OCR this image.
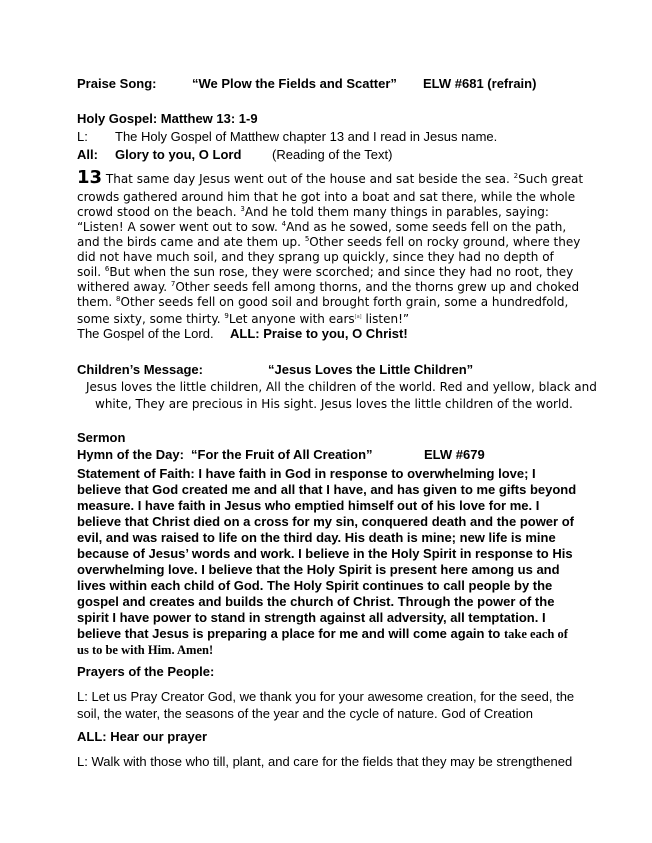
Praise Song:	“We Plow the Fields and Scatter” ELW #681 (refrain)
Holy Gospel: Matthew 13: 1-9
L: The Holy Gospel of Matthew chapter 13 and I read in Jesus name.
All: Glory to you, O Lord (Reading of the Text)
13 That same day Jesus went out of the house and sat beside the sea. $^2$Such great
crowds gathered around him that he got into a boat and sat there, while the whole
crowd stood on the beach. $^3$And he told them many things in parables, saying:
“Listen! A sower went out to sow. $^4$And as he sowed, some seeds fell on the path,
and the birds came and ate them up. $^5$Other seeds fell on rocky ground, where they
did not have much soil, and they sprang up quickly, since they had no depth of
soil. $^6$But when the sun rose, they were scorched; and since they had no root, they
withered away. $^7$Other seeds fell among thorns, and the thorns grew up and choked
them. $^8$Other seeds fell on good soil and brought forth grain, some a hundredfold,
some sixty, some thirty. $^9$Let anyone with ears[a] listen!”
The Gospel of the Lord. ALL: Praise to you, O Christ!
Children’s Message:	“Jesus Loves the Little Children”
Jesus loves the little children, All the children of the world. Red and yellow, black and
white, They are precious in His sight. Jesus loves the little children of the world.
Sermon
Hymn of the Day: “For the Fruit of All Creation”	ELW #679
Statement of Faith: I have faith in God in response to overwhelming love; I
believe that God created me and all that I have, and has given to me gifts beyond
measure. I have faith in Jesus who emptied himself out of his love for me. I
believe that Christ died on a cross for my sin, conquered death and the power of
evil, and was raised to life on the third day. His death is mine; new life is mine
because of Jesus’ words and work. I believe in the Holy Spirit in response to His
overwhelming love. I believe that the Holy Spirit is present here among us and
lives within each child of God. The Holy Spirit continues to call people by the
gospel and creates and builds the church of Christ. Through the power of the
spirit I have power to stand in strength against all adversity, all temptation. I
believe that Jesus is preparing a place for me and will come again to take each of
us to be with Him. Amen!
Prayers of the People:
L: Let us Pray Creator God, we thank you for your awesome creation, for the seed, the
soil, the water, the seasons of the year and the cycle of nature. God of Creation
ALL: Hear our prayer
L: Walk with those who till, plant, and care for the fields that they may be strengthened
